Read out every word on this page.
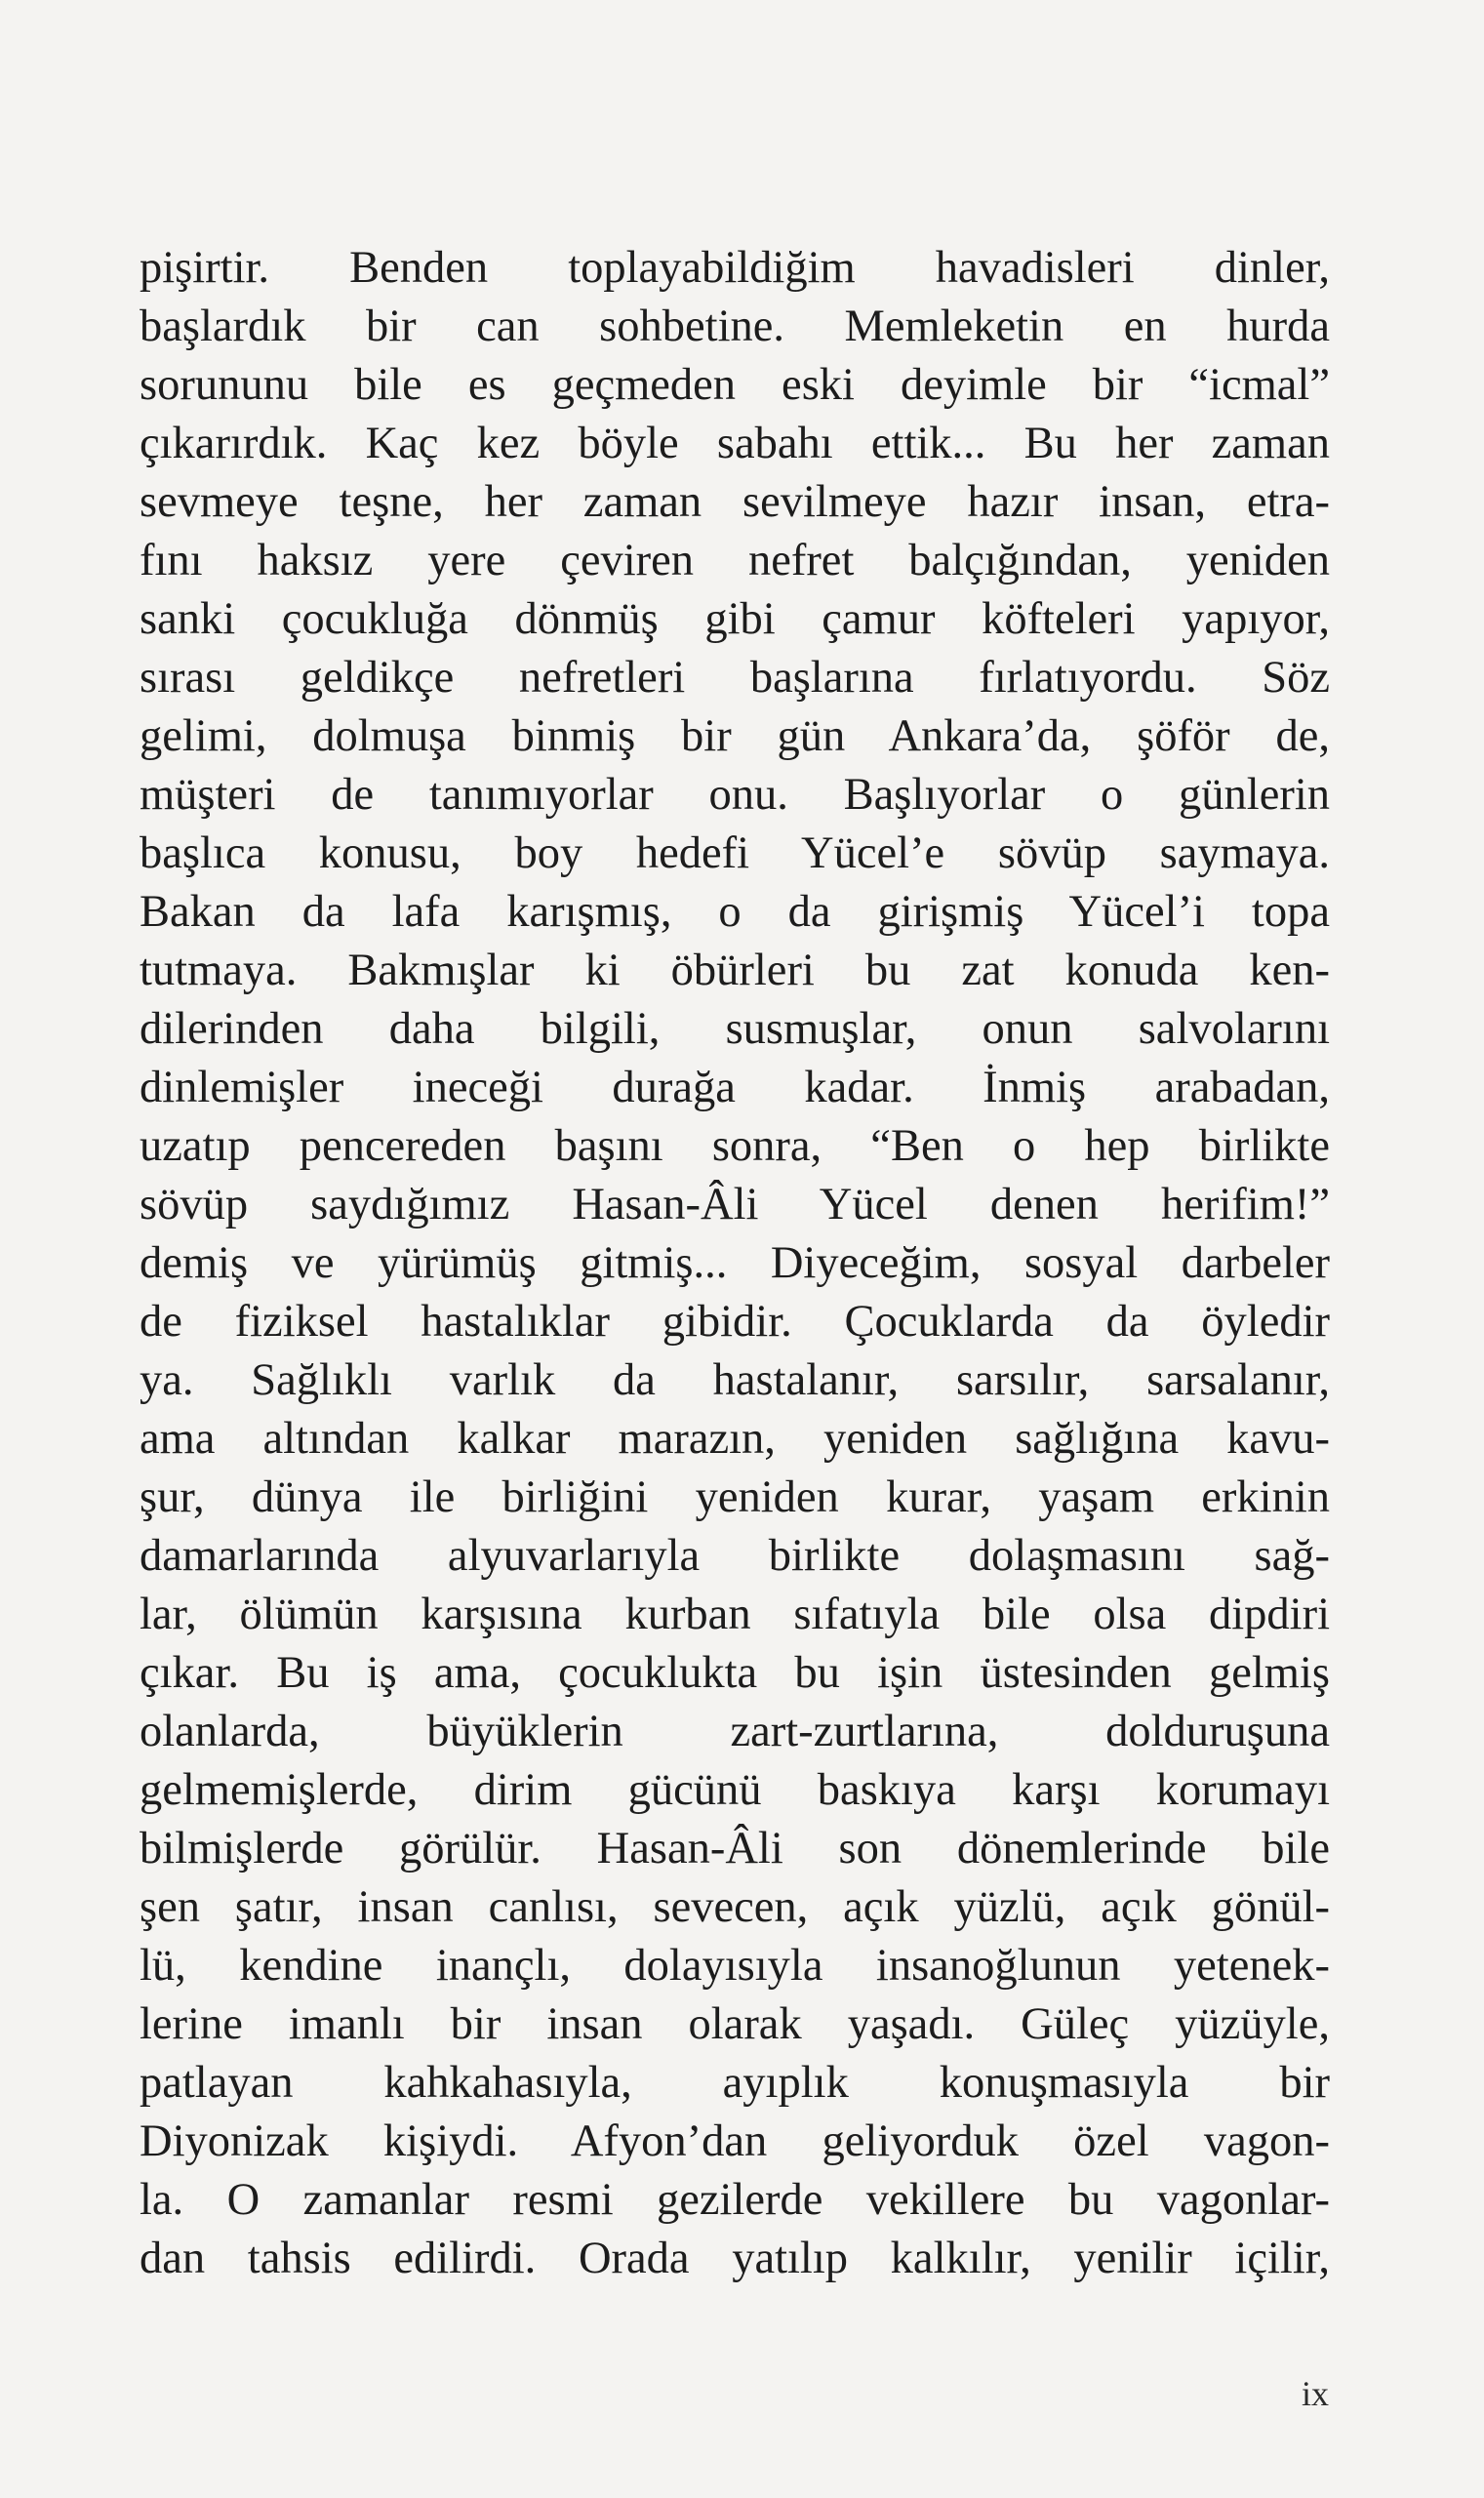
pişirtir. Benden toplayabildiğim havadisleri dinler,
başlardık bir can sohbetine. Memleketin en hurda
sorununu bile es geçmeden eski deyimle bir “icmal”
çıkarırdık. Kaç kez böyle sabahı ettik... Bu her zaman
sevmeye teşne, her zaman sevilmeye hazır insan, etra-
fını haksız yere çeviren nefret balçığından, yeniden
sanki çocukluğa dönmüş gibi çamur köfteleri yapıyor,
sırası geldikçe nefretleri başlarına fırlatıyordu. Söz
gelimi, dolmuşa binmiş bir gün Ankara’da, şöför de,
müşteri de tanımıyorlar onu. Başlıyorlar o günlerin
başlıca konusu, boy hedefi Yücel’e sövüp saymaya.
Bakan da lafa karışmış, o da girişmiş Yücel’i topa
tutmaya. Bakmışlar ki öbürleri bu zat konuda ken-
dilerinden daha bilgili, susmuşlar, onun salvolarını
dinlemişler ineceği durağa kadar. İnmiş arabadan,
uzatıp pencereden başını sonra, “Ben o hep birlikte
sövüp saydığımız Hasan-Âli Yücel denen herifim!”
demiş ve yürümüş gitmiş... Diyeceğim, sosyal darbeler
de fiziksel hastalıklar gibidir. Çocuklarda da öyledir
ya. Sağlıklı varlık da hastalanır, sarsılır, sarsalanır,
ama altından kalkar marazın, yeniden sağlığına kavu-
şur, dünya ile birliğini yeniden kurar, yaşam erkinin
damarlarında alyuvarlarıyla birlikte dolaşmasını sağ-
lar, ölümün karşısına kurban sıfatıyla bile olsa dipdiri
çıkar. Bu iş ama, çocuklukta bu işin üstesinden gelmiş
olanlarda, büyüklerin zart-zurtlarına, dolduruşuna
gelmemişlerde, dirim gücünü baskıya karşı korumayı
bilmişlerde görülür. Hasan-Âli son dönemlerinde bile
şen şatır, insan canlısı, sevecen, açık yüzlü, açık gönül-
lü, kendine inançlı, dolayısıyla insanoğlunun yetenek-
lerine imanlı bir insan olarak yaşadı. Güleç yüzüyle,
patlayan kahkahasıyla, ayıplık konuşmasıyla bir
Diyonizak kişiydi. Afyon’dan geliyorduk özel vagon-
la. O zamanlar resmi gezilerde vekillere bu vagonlar-
dan tahsis edilirdi. Orada yatılıp kalkılır, yenilir içilir,
ix
